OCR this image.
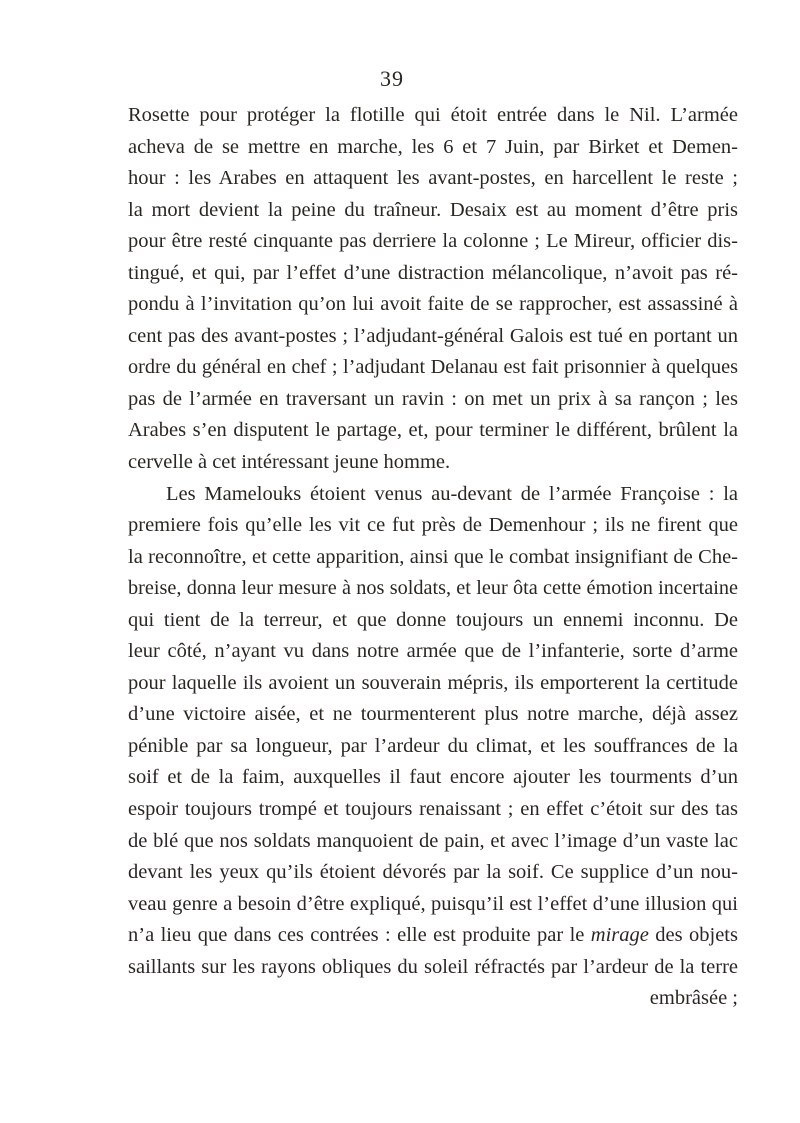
39
Rosette pour protéger la flotille qui étoit entrée dans le Nil. L’armée
acheva de se mettre en marche, les 6 et 7 Juin, par Birket et Demen-
hour : les Arabes en attaquent les avant-postes, en harcellent le reste ;
la mort devient la peine du traîneur. Desaix est au moment d’être pris
pour être resté cinquante pas derriere la colonne ; Le Mireur, officier dis-
tingué, et qui, par l’effet d’une distraction mélancolique, n’avoit pas ré-
pondu à l’invitation qu’on lui avoit faite de se rapprocher, est assassiné à
cent pas des avant-postes ; l’adjudant-général Galois est tué en portant un
ordre du général en chef ; l’adjudant Delanau est fait prisonnier à quelques
pas de l’armée en traversant un ravin : on met un prix à sa rançon ; les
Arabes s’en disputent le partage, et, pour terminer le différent, brûlent la
cervelle à cet intéressant jeune homme.
Les Mamelouks étoient venus au-devant de l’armée Françoise : la
premiere fois qu’elle les vit ce fut près de Demenhour ; ils ne firent que
la reconnoître, et cette apparition, ainsi que le combat insignifiant de Che-
breise, donna leur mesure à nos soldats, et leur ôta cette émotion incertaine
qui tient de la terreur, et que donne toujours un ennemi inconnu. De
leur côté, n’ayant vu dans notre armée que de l’infanterie, sorte d’arme
pour laquelle ils avoient un souverain mépris, ils emporterent la certitude
d’une victoire aisée, et ne tourmenterent plus notre marche, déjà assez
pénible par sa longueur, par l’ardeur du climat, et les souffrances de la
soif et de la faim, auxquelles il faut encore ajouter les tourments d’un
espoir toujours trompé et toujours renaissant ; en effet c’étoit sur des tas
de blé que nos soldats manquoient de pain, et avec l’image d’un vaste lac
devant les yeux qu’ils étoient dévorés par la soif. Ce supplice d’un nou-
veau genre a besoin d’être expliqué, puisqu’il est l’effet d’une illusion qui
n’a lieu que dans ces contrées : elle est produite par le mirage des objets
saillants sur les rayons obliques du soleil réfractés par l’ardeur de la terre
embrâsée ;
